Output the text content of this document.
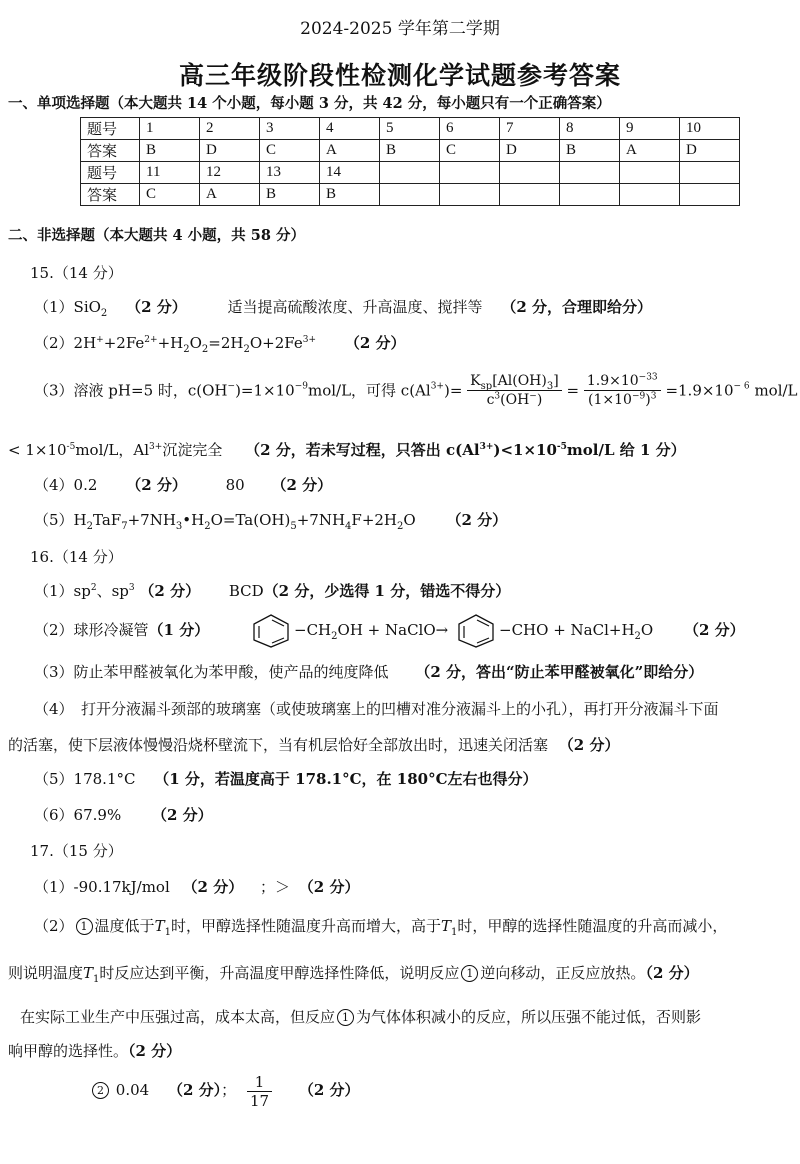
2024-2025 学年第二学期
高三年级阶段性检测化学试题参考答案
一、单项选择题（本大题共 14 个小题，每小题 3 分，共 42 分，每小题只有一个正确答案）
题号	1	2	3	4	5	6	7	8	9	10
答案	B	D	C	A	B	C	D	B	A	D
题号	11	12	13	14						
答案	C	A	B	B						
二、非选择题（本大题共 4 小题，共 58 分）
15.（14 分）
（1）SiO$_2$ （2 分）	适当提高硫酸浓度、升高温度、搅拌等 （2 分，合理即给分）
$(2)2H^++2Fe^{2+}+H_2O_2=2H_2O+2Fe^{3+}$ （2 分）
（3）溶液 pH=5 时，$c(OH^-)=1\times 10^{-9}mol/L$，可得 $c(Al^{3+})= \frac{K_{sp}[Al(OH)_3]}{c^3(OH^-)} = \frac{1.9\times 10^{-33}}{(1\times 10^{-9})^3} =1.9\times 10^{- 6}$ mol/L
< $1\times 10^{-5}mol/L$，$Al^{3+}$沉淀完全 （2 分，若未写过程，只答出 $c(Al^{3+})<1\times 10^{-5}mol/L$ 给 1 分）
（4）0.2 （2 分）	80 （2 分）
$(5)H_2TaF_7+7NH_3•H_2O=Ta(OH)_5+7NH_4F+2H_2O$ （2 分）
16.（14 分）
$(1)sp^2$、$sp^3$ （2 分） BCD（2 分，少选得 1 分，错选不得分）
（2）球形冷凝管（1 分）	$-CH_2OH$ + NaClO→	$-CHO + NaCl+H_2O$ （2 分）
（3）防止苯甲醛被氧化为苯甲酸，使产品的纯度降低 （2 分，答出“防止苯甲醛被氧化”即给分）
（4）　打开分液漏斗颈部的玻璃塞（或使玻璃塞上的凹槽对准分液漏斗上的小孔），再打开分液漏斗下面
的活塞，使下层液体慢慢沿烧杯壁流下，当有机层恰好全部放出时，迅速关闭活塞 （2 分）
（5）178.1°C （1 分，若温度高于 178.1°C，在 180°C左右也得分）
（6）67.9% （2 分）
17.（15 分）
（1）-90.17kJ/mol （2 分） ；＞ （2 分）
（2） 1 温度低于$T_1$时，甲醇选择性随温度升高而增大，高于$T_1$时，甲醇的选择性随温度的升高而减小，
则说明温度$T_1$时反应达到平衡，升高温度甲醇选择性降低，说明反应 1 逆向移动，正反应放热。（2 分）
在实际工业生产中压强过高，成本太高，但反应 1 为气体体积减小的反应，所以压强不能过低，否则影
响甲醇的选择性。（2 分）
2 0.04 （2 分）； $\frac{1}{17} (2$ 分）
